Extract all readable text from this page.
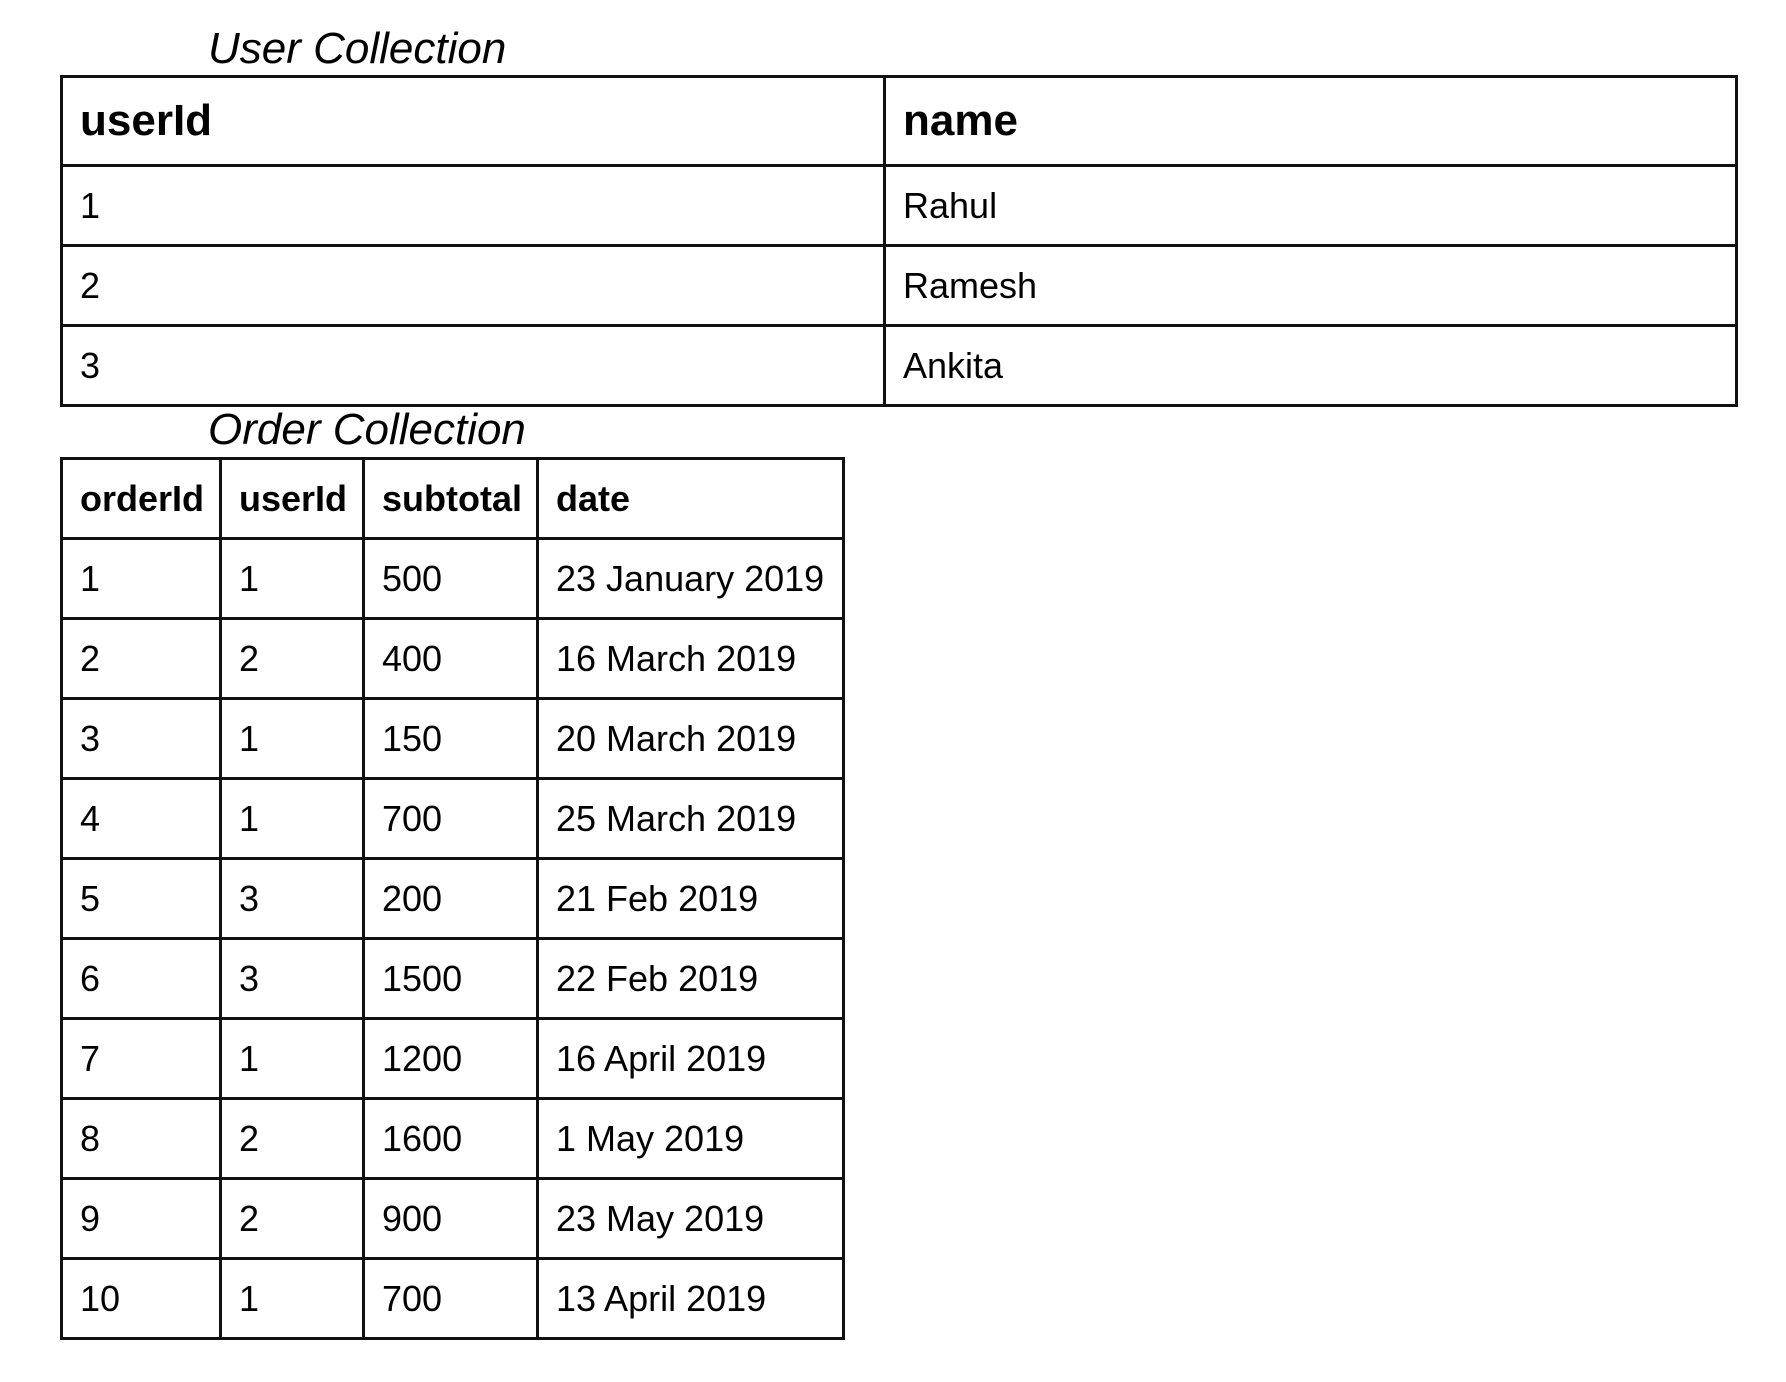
User Collection
userId	name
1	Rahul
2	Ramesh
3	Ankita
Order Collection
orderId	userId	subtotal	date
1	1	500	23 January 2019
2	2	400	16 March 2019
3	1	150	20 March 2019
4	1	700	25 March 2019
5	3	200	21 Feb 2019
6	3	1500	22 Feb 2019
7	1	1200	16 April 2019
8	2	1600	1 May 2019
9	2	900	23 May 2019
10	1	700	13 April 2019
